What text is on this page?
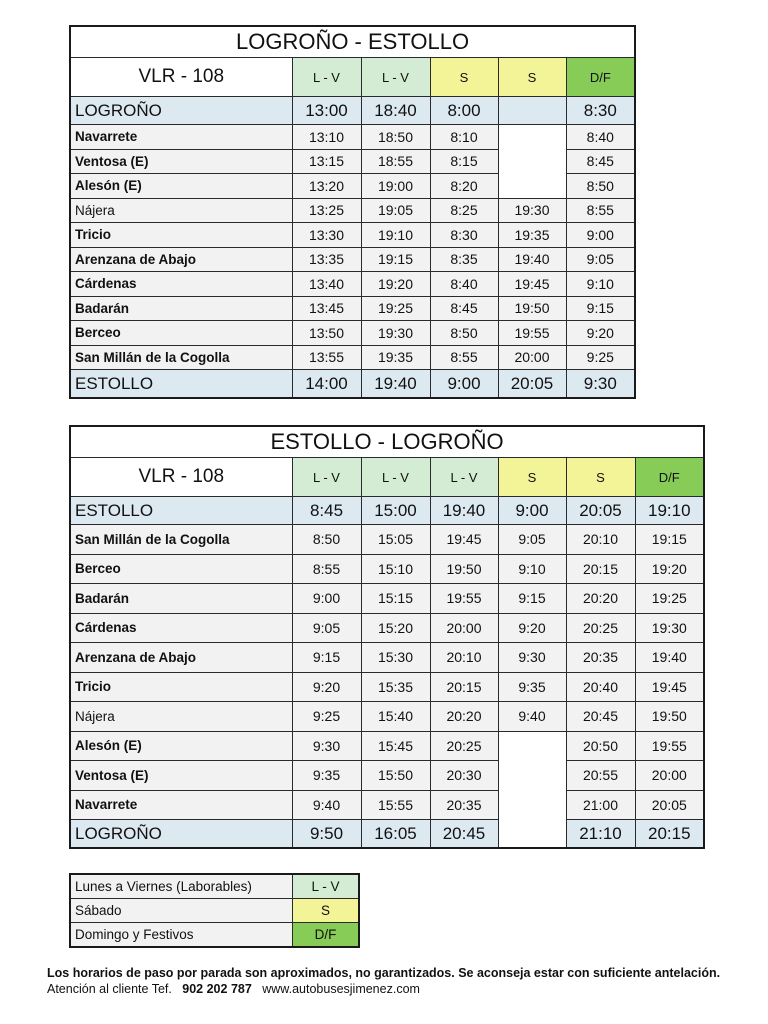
LOGROÑO - ESTOLLO					
VLR - 108	L - V	L - V	S	S	D/F
LOGROÑO	13:00	18:40	8:00		8:30
Navarrete	13:10	18:50	8:10		8:40
Ventosa (E)	13:15	18:55	8:15		8:45
Alesón (E)	13:20	19:00	8:20		8:50
Nájera	13:25	19:05	8:25	19:30	8:55
Tricio	13:30	19:10	8:30	19:35	9:00
Arenzana de Abajo	13:35	19:15	8:35	19:40	9:05
Cárdenas	13:40	19:20	8:40	19:45	9:10
Badarán	13:45	19:25	8:45	19:50	9:15
Berceo	13:50	19:30	8:50	19:55	9:20
San Millán de la Cogolla	13:55	19:35	8:55	20:00	9:25
ESTOLLO	14:00	19:40	9:00	20:05	9:30
ESTOLLO - LOGROÑO						
VLR - 108	L - V	L - V	L - V	S	S	D/F
ESTOLLO	8:45	15:00	19:40	9:00	20:05	19:10
San Millán de la Cogolla	8:50	15:05	19:45	9:05	20:10	19:15
Berceo	8:55	15:10	19:50	9:10	20:15	19:20
Badarán	9:00	15:15	19:55	9:15	20:20	19:25
Cárdenas	9:05	15:20	20:00	9:20	20:25	19:30
Arenzana de Abajo	9:15	15:30	20:10	9:30	20:35	19:40
Tricio	9:20	15:35	20:15	9:35	20:40	19:45
Nájera	9:25	15:40	20:20	9:40	20:45	19:50
Alesón (E)	9:30	15:45	20:25		20:50	19:55
Ventosa (E)	9:35	15:50	20:30		20:55	20:00
Navarrete	9:40	15:55	20:35		21:00	20:05
LOGROÑO	9:50	16:05	20:45		21:10	20:15
Lunes a Viernes (Laborables)	L - V
Sábado	S
Domingo y Festivos	D/F
Los horarios de paso por parada son aproximados, no garantizados. Se aconseja estar con suficiente antelación.
Atención al cliente Tef. 902 202 787 www.autobusesjimenez.com
